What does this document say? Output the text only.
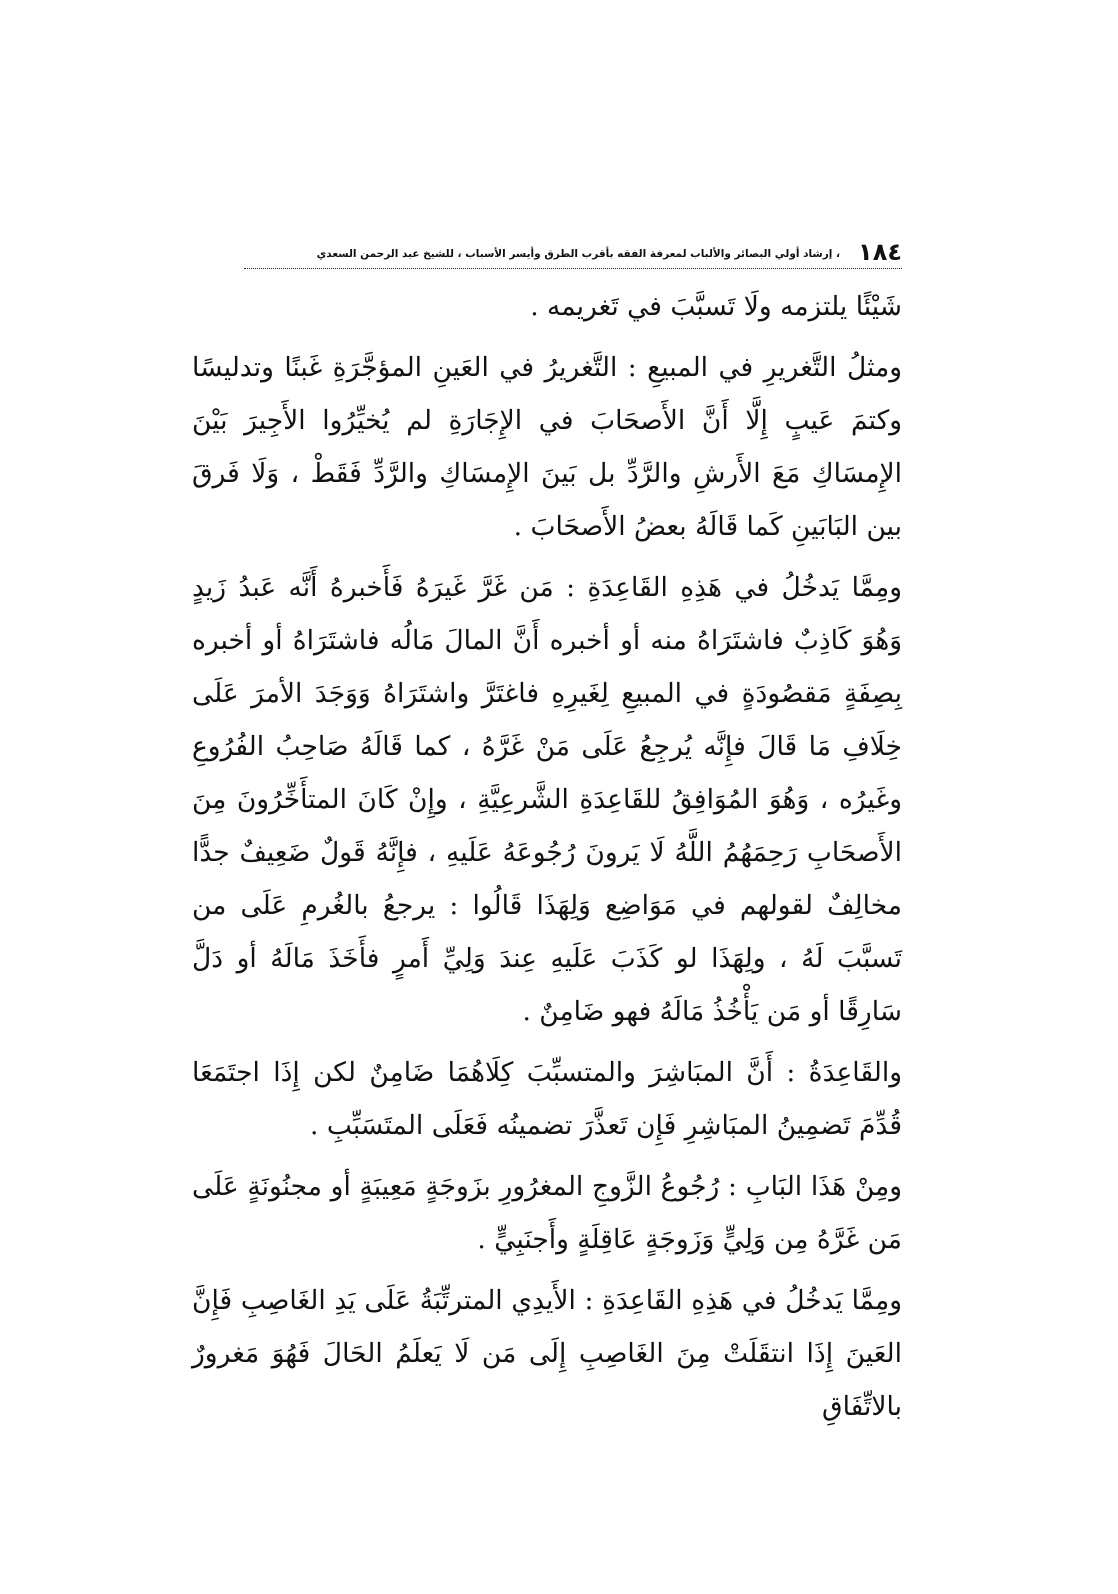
١٨٤
، إرشاد أولي البصائر والألباب لمعرفة الفقه بأقرب الطرق وأيسر الأسباب ، للشيخ عبد الرحمن السعدي

شَيْئًا يلتزمه ولَا تَسبَّبَ في تَغريمه .

ومثلُ التَّغريرِ في المبيعِ : التَّغريرُ في العَينِ المؤجَّرَةِ غَبنًا وتدليسًا وكتمَ عَيبٍ إِلَّا أَنَّ الأَصحَابَ في الإِجَارَةِ لم يُخيِّرُوا الأَجِيرَ بَيْنَ الإِمسَاكِ مَعَ الأَرشِ والرَّدِّ بل بَينَ الإِمسَاكِ والرَّدِّ فَقَطْ ، وَلَا فَرقَ بين البَابَينِ كَما قَالَهُ بعضُ الأَصحَابَ .

ومِمَّا يَدخُلُ في هَذِهِ القَاعِدَةِ : مَن غَرَّ غَيرَهُ فَأَخبرهُ أَنَّه عَبدُ زَيدٍ وَهُوَ كَاذِبٌ فاشتَرَاهُ منه أو أخبره أَنَّ المالَ مَالُه فاشتَرَاهُ أو أخبره بِصِفَةٍ مَقصُودَةٍ في المبيعِ لِغَيرِهِ فاغتَرَّ واشتَرَاهُ وَوَجَدَ الأمرَ عَلَى خِلَافِ مَا قَالَ فإِنَّه يُرجِعُ عَلَى مَنْ غَرَّهُ ، كما قَالَهُ صَاحِبُ الفُرُوعِ وغَيرُه ، وَهُوَ المُوَافِقُ للقَاعِدَةِ الشَّرعِيَّةِ ، وإِنْ كَانَ المتأَخِّرُونَ مِنَ الأَصحَابِ رَحِمَهُمُ اللَّهُ لَا يَرونَ رُجُوعَهُ عَلَيهِ ، فإِنَّهُ قَولٌ ضَعِيفٌ جدًّا مخالِفٌ لقولهم في مَوَاضِع وَلِهَذَا قَالُوا : يرجعُ بالغُرمِ عَلَى من تَسبَّبَ لَهُ ، ولِهَذَا لو كَذَبَ عَلَيهِ عِندَ وَلِيِّ أَمرٍ فأَخَذَ مَالَهُ أو دَلَّ سَارِقًا أو مَن يَأْخُذُ مَالَهُ فهو ضَامِنٌ .

والقَاعِدَةُ : أَنَّ المبَاشِرَ والمتسبِّبَ كِلَاهُمَا ضَامِنٌ لكن إِذَا اجتَمَعَا قُدِّمَ تَضمِينُ المبَاشِرِ فَإِن تَعذَّرَ تضمينُه فَعَلَى المتَسَبِّبِ .

ومِنْ هَذَا البَابِ : رُجُوعُ الزَّوجِ المغرُورِ بزَوجَةٍ مَعِيبَةٍ أو مجنُونَةٍ عَلَى مَن غَرَّهُ مِن وَلِيٍّ وَزَوجَةٍ عَاقِلَةٍ وأَجنَبِيٍّ .

ومِمَّا يَدخُلُ في هَذِهِ القَاعِدَةِ : الأَيدِي المترتِّبَةُ عَلَى يَدِ الغَاصِبِ فَإِنَّ العَينَ إِذَا انتقَلَتْ مِنَ الغَاصِبِ إِلَى مَن لَا يَعلَمُ الحَالَ فَهُوَ مَغرورٌ بالاتِّفَاقِ
